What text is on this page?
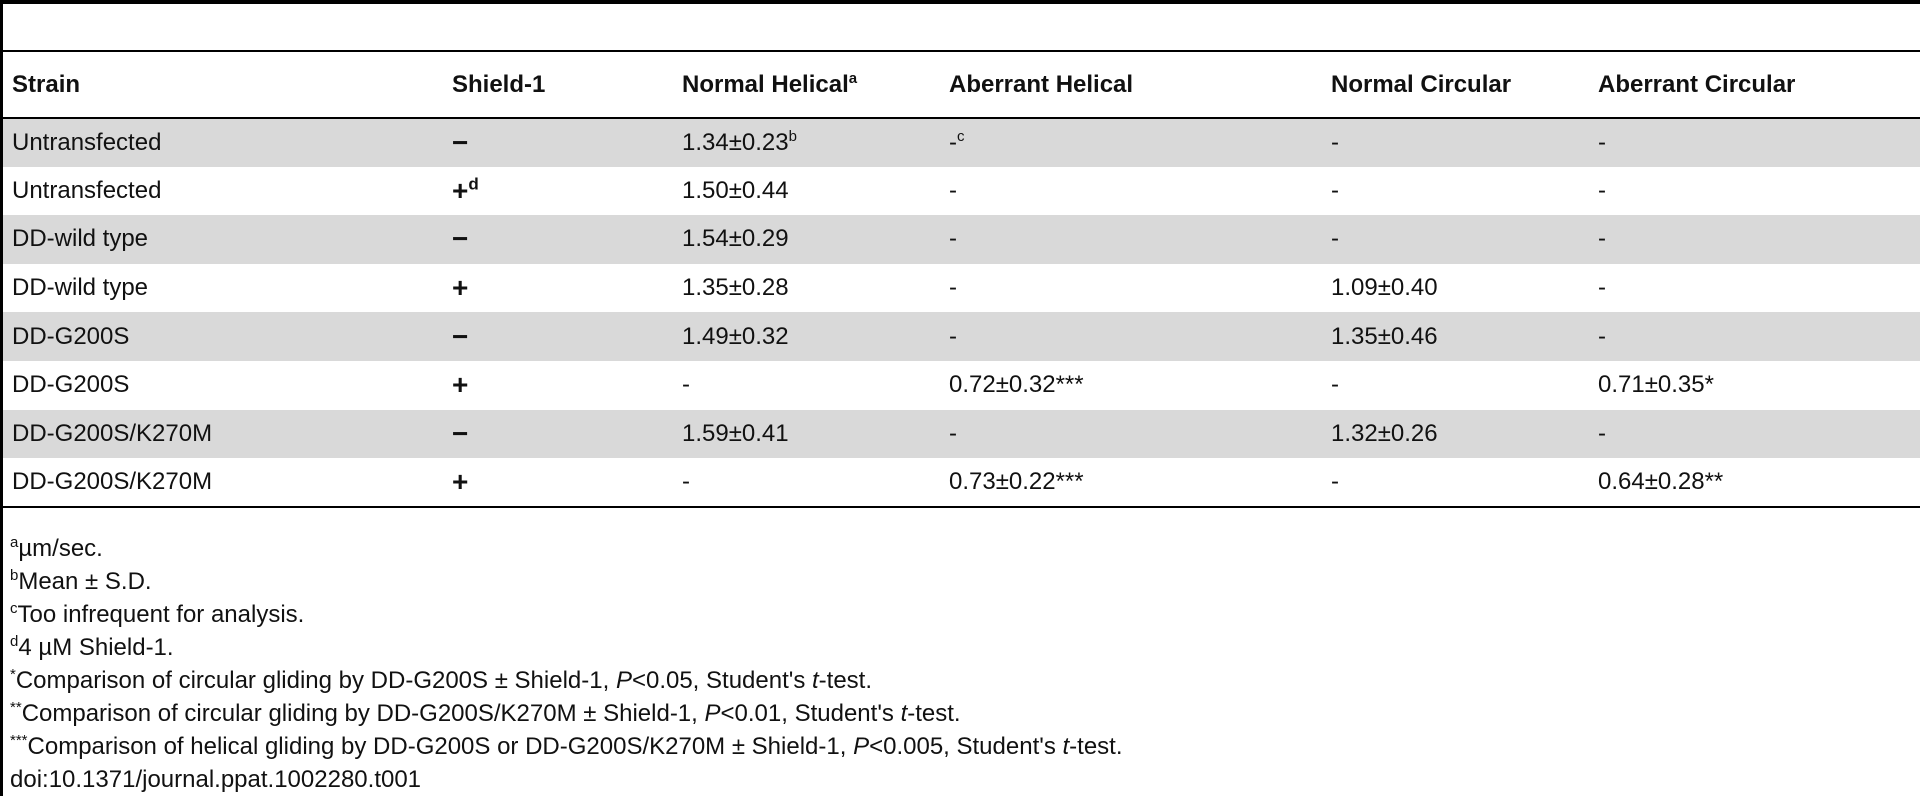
Strain	Shield-1	Normal Helical$^a$	Aberrant Helical	Normal Circular	Aberrant Circular
Untransfected	−	1.34±0.23$^b$	-$^c$	-	-
Untransfected	+$^d$	1.50±0.44	-	-	-
DD-wild type	−	1.54±0.29	-	-	-
DD-wild type	+	1.35±0.28	-	1.09±0.40	-
DD-G200S	−	1.49±0.32	-	1.35±0.46	-
DD-G200S	+	-	0.72±0.32***	-	0.71±0.35*
DD-G200S/K270M	−	1.59±0.41	-	1.32±0.26	-
DD-G200S/K270M	+	-	0.73±0.22***	-	0.64±0.28**
$^a$µm/sec.
$^b$Mean ± S.D.
$^c$Too infrequent for analysis.
$^d$4 µM Shield-1.
*Comparison of circular gliding by DD-G200S ± Shield-1, P<0.05, Student's t-test.
**Comparison of circular gliding by DD-G200S/K270M ± Shield-1, P<0.01, Student's t-test.
***Comparison of helical gliding by DD-G200S or DD-G200S/K270M ± Shield-1, P<0.005, Student's t-test.
doi:10.1371/journal.ppat.1002280.t001
